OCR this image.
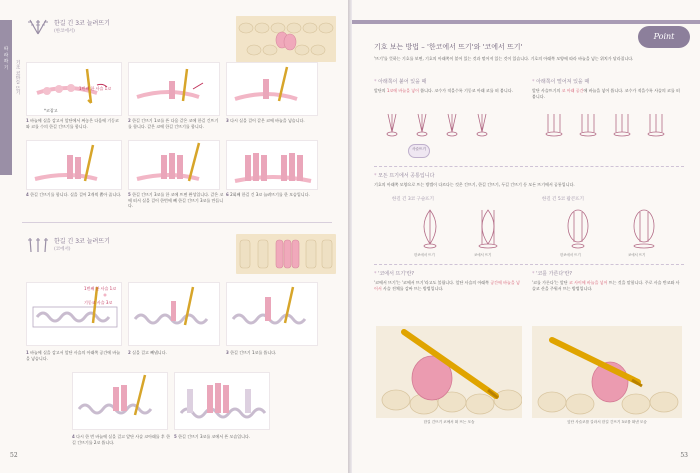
따 라 하 기
기초 코바늘 뜨기
한길 긴 3코 늘려뜨기
(한코에서)
1번째 한 사슬 1코
*코잡고
1 바늘에 실을 감고서 앞단에서 짜놓은 다음에 기둥코와 코를 수의 한길 긴뜨기를 합니다.
2 한길 긴뜨기 1코를 뜬 다음 같은 코에 한길 긴뜨기를 합니다. 같은 코에 한길 긴뜨기를 합니다.
3 다시 실을 걸어 같은 코에 바늘을 넣습니다.
4 한길 긴뜨기를 합니다. 실을 걸어 2개씩 뽑아 줍니다. 5 한길 긴뜨기 3코를 한 코에 뜨면 완성입니다. 같은 코에 떠서 실을 걸어 한번에 빼 한길 긴뜨기 3코를 만듭니다.
6 2회째 한길 긴 3코 늘려뜨기를 한 모습입니다.
한길 긴 3코 늘려뜨기
(코에서)
1번째 한 사슬 1코
기둥코 사슬 3코
1 바늘에 실을 감고서 앞단 사슬의 아래쪽 공간에 바늘을 넣습니다.
2 실을 걸고 빼냅니다.	3 한길 긴뜨기 1코를 뜹니다.
4 다시 한 번 바늘에 실을 걸고 앞단 사슬 코아래를 후 한길 긴뜨기를 2코 뜹니다.
5 한길 긴뜨기 3코를 코에서 뜬 모습입니다.
52
Point
기호 보는 방법 – '한코에서 뜨기'와 '코에서 뜨기'
'뜨기'를 뜻하는 기호를 보면, 기호의 아래쪽이 붙어 있는 것과 떨어져 있는 것이 있습니다. 기호의 아래쪽 모양에 따라 바늘을 넣는 위치가 달라집니다.
* 아래쪽이 붙어 있을 때
앞단의 1코에 바늘을 넣어 뜹니다. 코수가 적을수록 기둥코 아래 코를 떠 봅니다.
* 아래쪽이 떨어져 있을 때
앞단 사슬뜨기의 코 아래 공간에 바늘을 넣어 뜹니다. 코수가 적을수록 사슬의 코를 떠 봅니다.
사슬뜨기
* 모든 뜨기에서 공통입니다
기호의 아래쪽 모양으로 뜨는 방법이 다르다는 것은 긴뜨기, 한길 긴뜨기, 두길 긴뜨기 등 모든 뜨기에서 공통입니다.
한길 긴 3코 구슬뜨기	한길 긴 5코 팝콘뜨기
한코에서 뜨기	코에서 뜨기	한코에서 뜨기	코에서 뜨기
* '코에서 뜨기'란?
'코에서 뜨기'는 '코에서 뜨기'라고도 불립니다. 앞단 사슬의 아래쪽 공간에 바늘을 넣어서 사슬 전체를 감싸 뜨는 방법입니다.
* '코를 가른다'란?
'코를 가른다'는 앞단 코 사이에 바늘을 넣어 뜨는 것을 말합니다. 주로 사슬 반코와 사슬코 산을 주워서 뜨는 방법입니다.
한길 긴뜨기 코에서 떠 뜨는 모습	앞단 사슬코를 갈라서 한길 긴뜨기 3코를 떠낸 모습
53
